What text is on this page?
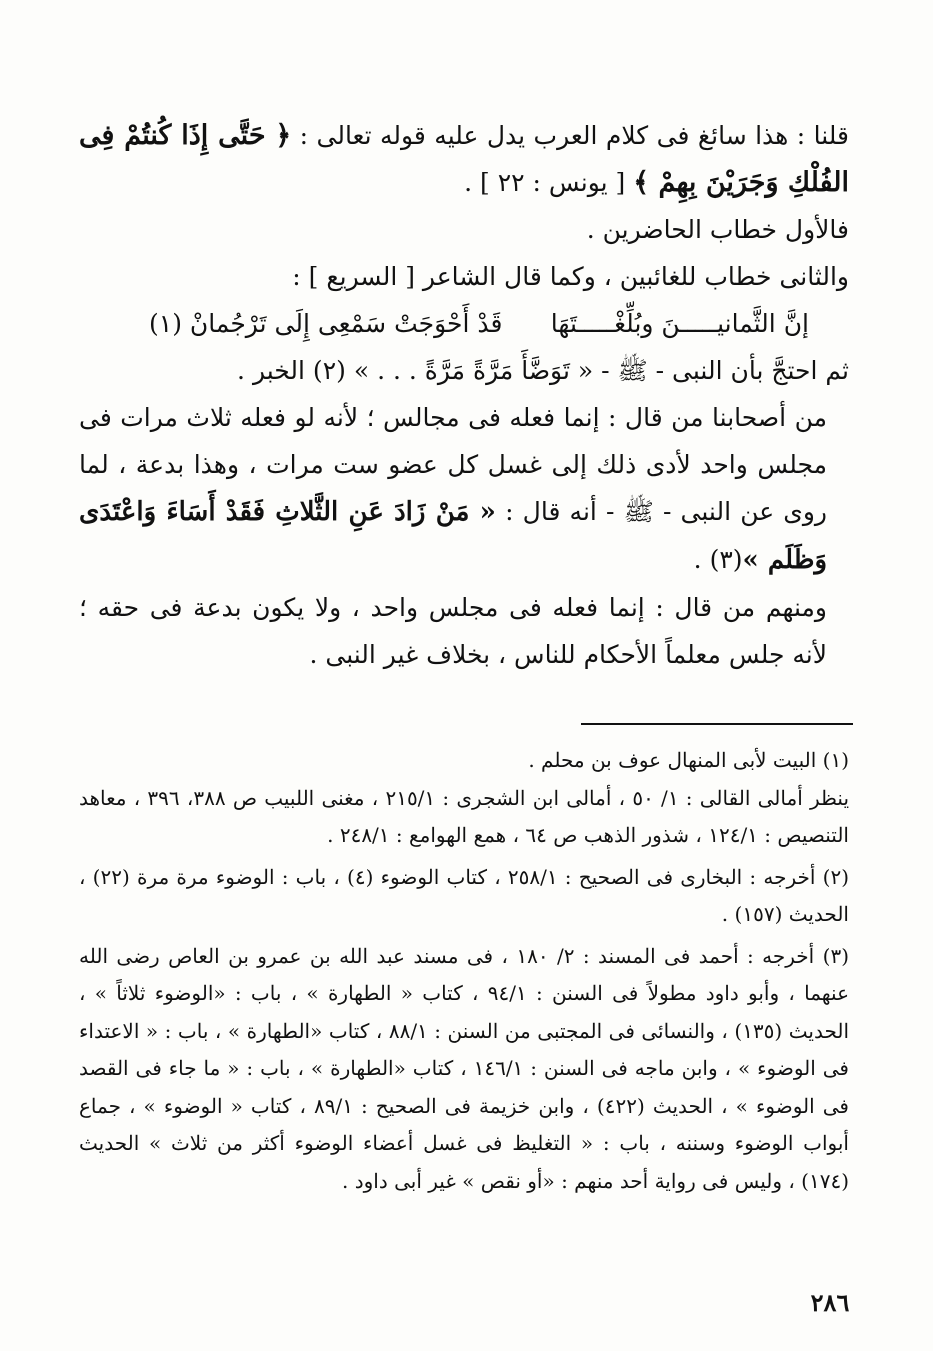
قلنا : هذا سائغ فى كلام العرب يدل عليه قوله تعالى : ﴿ حَتَّى إِذَا كُنتُمْ فِى الفُلْكِ وَجَرَيْنَ بِهِمْ ﴾ [ يونس : ٢٢ ] .

فالأول خطاب الحاضرين .

والثانى خطاب للغائبين ، وكما قال الشاعر [ السريع ] :

إنَّ الثَّمانيـــــنَ وبُلِّغْـــــتَهَا
قَدْ أَحْوَجَتْ سَمْعِى إِلَى تَرْجُمانْ (١)

ثم احتجَّ بأن النبى - ﷺ - « تَوَضَّأَ مَرَّةً مَرَّةً . . . » (٢) الخبر .

من أصحابنا من قال : إنما فعله فى مجالس ؛ لأنه لو فعله ثلاث مرات فى مجلس واحد لأدى ذلك إلى غسل كل عضو ست مرات ، وهذا بدعة ، لما روى عن النبى - ﷺ - أنه قال : « مَنْ زَادَ عَنِ الثَّلاثِ فَقَدْ أَسَاءَ وَاعْتَدَى وَظَلَم »(٣) .

ومنهم من قال : إنما فعله فى مجلس واحد ، ولا يكون بدعة فى حقه ؛ لأنه جلس معلماً الأحكام للناس ، بخلاف غير النبى .

(١) البيت لأبى المنهال عوف بن محلم .

ينظر أمالى القالى : ١/ ٥٠ ، أمالى ابن الشجرى : ٢١٥/١ ، مغنى اللبيب ص ٣٨٨، ٣٩٦ ، معاهد التنصيص : ١٢٤/١ ، شذور الذهب ص ٦٤ ، همع الهوامع : ٢٤٨/١ .

(٢) أخرجه : البخارى فى الصحيح : ٢٥٨/١ ، كتاب الوضوء (٤) ، باب : الوضوء مرة مرة (٢٢) ، الحديث (١٥٧) .

(٣) أخرجه : أحمد فى المسند : ٢/ ١٨٠ ، فى مسند عبد الله بن عمرو بن العاص رضى الله عنهما ، وأبو داود مطولاً فى السنن : ٩٤/١ ، كتاب « الطهارة » ، باب : «الوضوء ثلاثاً » ، الحديث (١٣٥) ، والنسائى فى المجتبى من السنن : ٨٨/١ ، كتاب «الطهارة » ، باب : « الاعتداء فى الوضوء » ، وابن ماجه فى السنن : ١٤٦/١ ، كتاب «الطهارة » ، باب : « ما جاء فى القصد فى الوضوء » ، الحديث (٤٢٢) ، وابن خزيمة فى الصحيح : ٨٩/١ ، كتاب « الوضوء » ، جماع أبواب الوضوء وسننه ، باب : « التغليظ فى غسل أعضاء الوضوء أكثر من ثلاث » الحديث (١٧٤) ، وليس فى رواية أحد منهم : «أو نقص » غير أبى داود .

٢٨٦
